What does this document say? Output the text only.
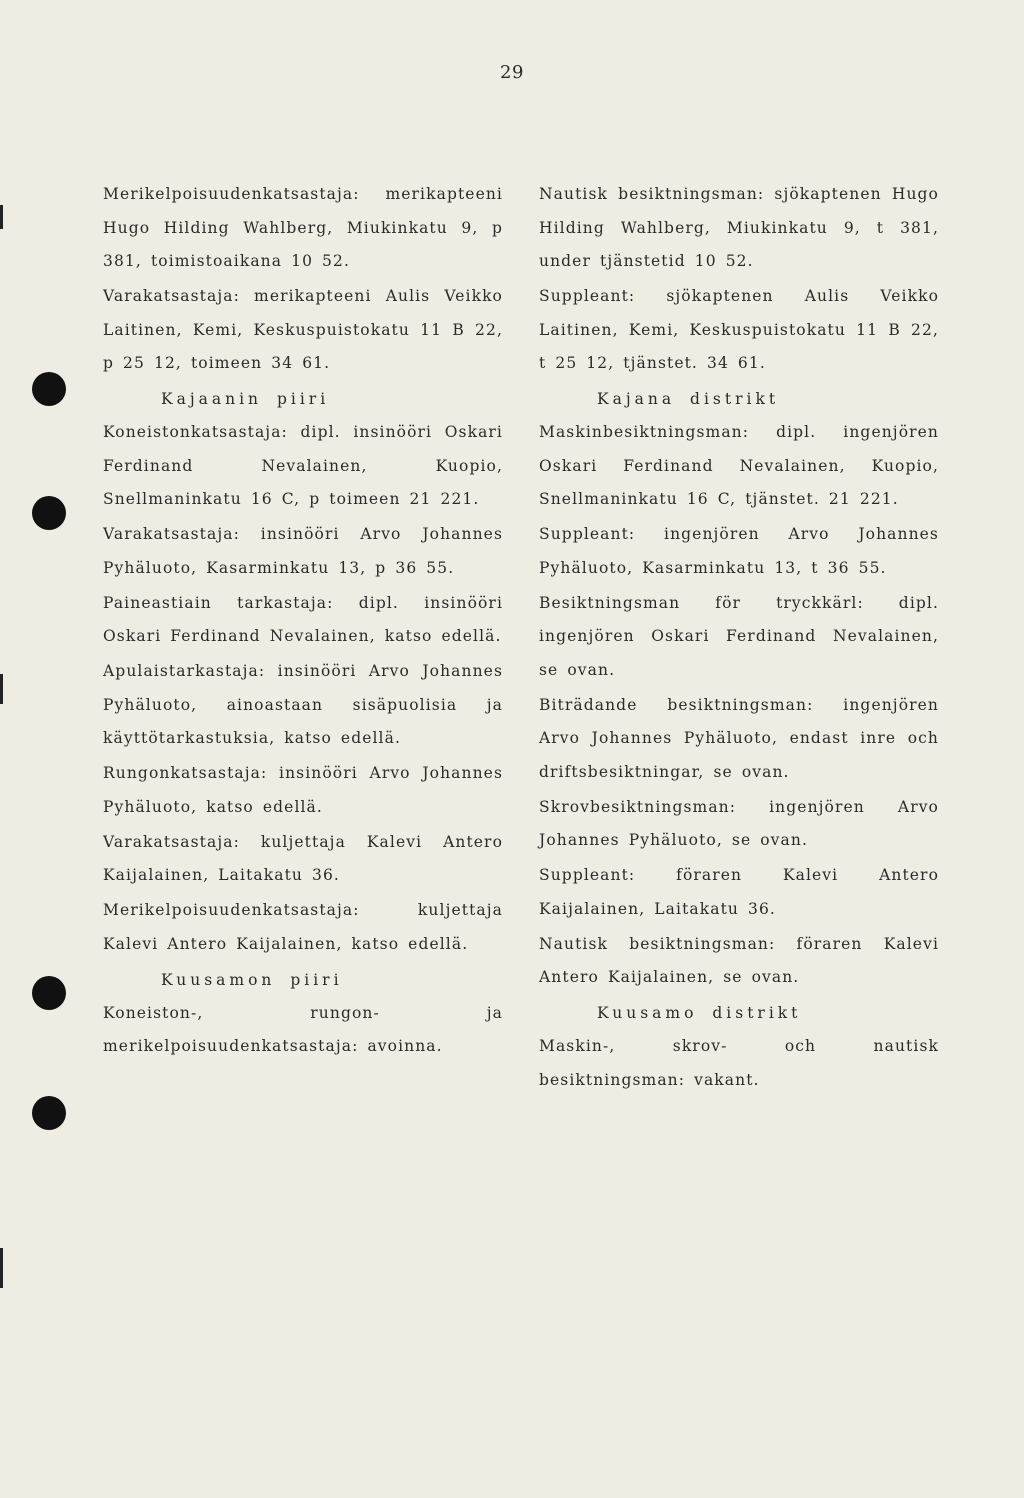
29

Merikelpoisuudenkatsastaja: merikapteeni Hugo Hilding Wahlberg, Miukinkatu 9, p 381, toimistoaikana 10 52.

Varakatsastaja: merikapteeni Aulis Veikko Laitinen, Kemi, Keskuspuistokatu 11 B 22, p 25 12, toimeen 34 61.

Kajaanin piiri

Koneistonkatsastaja: dipl. insinööri Oskari Ferdinand Nevalainen, Kuopio, Snellmaninkatu 16 C, p toimeen 21 221.

Varakatsastaja: insinööri Arvo Johannes Pyhäluoto, Kasarminkatu 13, p 36 55.

Paineastiain tarkastaja: dipl. insinööri Oskari Ferdinand Nevalainen, katso edellä.

Apulaistarkastaja: insinööri Arvo Johannes Pyhäluoto, ainoastaan sisäpuolisia ja käyttötarkastuksia, katso edellä.

Rungonkatsastaja: insinööri Arvo Johannes Pyhäluoto, katso edellä.

Varakatsastaja: kuljettaja Kalevi Antero Kaijalainen, Laitakatu 36.

Merikelpoisuudenkatsastaja: kuljettaja Kalevi Antero Kaijalainen, katso edellä.

Kuusamon piiri

Koneiston-, rungon- ja merikelpoisuudenkatsastaja: avoinna.

Nautisk besiktningsman: sjökaptenen Hugo Hilding Wahlberg, Miukinkatu 9, t 381, under tjänstetid 10 52.

Suppleant: sjökaptenen Aulis Veikko Laitinen, Kemi, Keskuspuistokatu 11 B 22, t 25 12, tjänstet. 34 61.

Kajana distrikt

Maskinbesiktningsman: dipl. ingenjören Oskari Ferdinand Nevalainen, Kuopio, Snellmaninkatu 16 C, tjänstet. 21 221.

Suppleant: ingenjören Arvo Johannes Pyhäluoto, Kasarminkatu 13, t 36 55.

Besiktningsman för tryckkärl: dipl. ingenjören Oskari Ferdinand Nevalainen, se ovan.

Biträdande besiktningsman: ingenjören Arvo Johannes Pyhäluoto, endast inre och driftsbesiktningar, se ovan.

Skrovbesiktningsman: ingenjören Arvo Johannes Pyhäluoto, se ovan.

Suppleant: föraren Kalevi Antero Kaijalainen, Laitakatu 36.

Nautisk besiktningsman: föraren Kalevi Antero Kaijalainen, se ovan.

Kuusamo distrikt

Maskin-, skrov- och nautisk besiktningsman: vakant.
